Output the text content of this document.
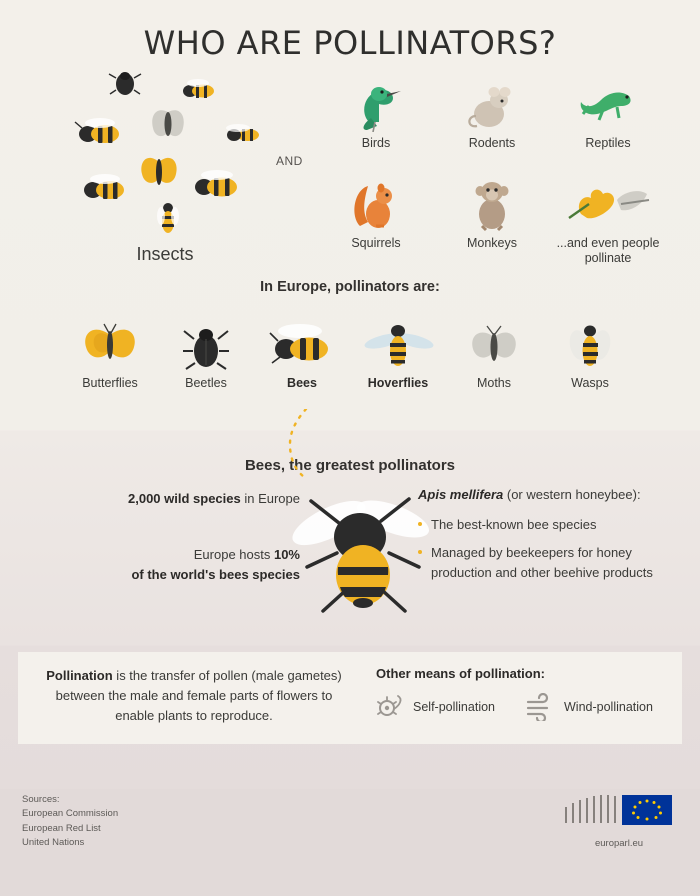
WHO ARE POLLINATORS?
Insects
AND
Birds	Rodents	Reptiles
Squirrels	Monkeys	...and even people pollinate
In Europe, pollinators are:
Butterflies	Beetles	Bees	Hoverflies	Moths	Wasps
Bees, the greatest pollinators
2,000 wild species in Europe
Europe hosts 10%
of the world's bees species
Apis mellifera (or western honeybee):
The best-known bee species
Managed by beekeepers for honey production and other beehive products
Pollination is the transfer of pollen (male gametes) between the male and female parts of flowers to enable plants to reproduce.
Other means of pollination:
Self-pollination	Wind-pollination
Sources:
European Commission
European Red List
United Nations	europarl.eu
